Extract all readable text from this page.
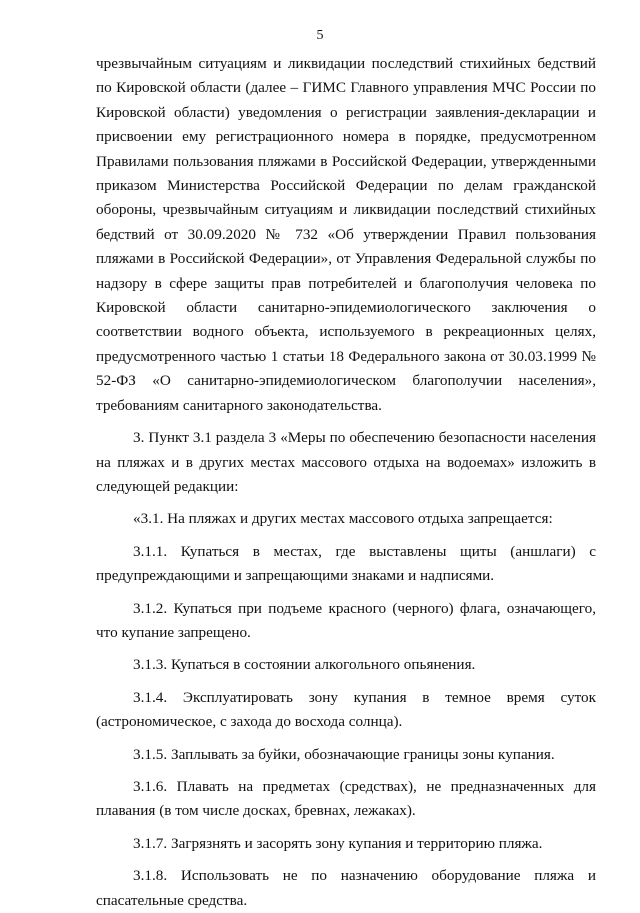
5

чрезвычайным ситуациям и ликвидации последствий стихийных бедствий по Кировской области (далее – ГИМС Главного управления МЧС России по Кировской области) уведомления о регистрации заявления-декларации и присвоении ему регистрационного номера в порядке, предусмотренном Правилами пользования пляжами в Российской Федерации, утвержденными приказом Министерства Российской Федерации по делам гражданской обороны, чрезвычайным ситуациям и ликвидации последствий стихийных бедствий от 30.09.2020 № 732 «Об утверждении Правил пользования пляжами в Российской Федерации», от Управления Федеральной службы по надзору в сфере защиты прав потребителей и благополучия человека по Кировской области санитарно-эпидемиологического заключения о соответствии водного объекта, используемого в рекреационных целях, предусмотренного частью 1 статьи 18 Федерального закона от 30.03.1999 № 52-ФЗ «О санитарно-эпидемиологическом благополучии населения», требованиям санитарного законодательства.

3. Пункт 3.1 раздела 3 «Меры по обеспечению безопасности населения на пляжах и в других местах массового отдыха на водоемах» изложить в следующей редакции:

«3.1. На пляжах и других местах массового отдыха запрещается:

3.1.1. Купаться в местах, где выставлены щиты (аншлаги) с предупреждающими и запрещающими знаками и надписями.

3.1.2. Купаться при подъеме красного (черного) флага, означающего, что купание запрещено.

3.1.3. Купаться в состоянии алкогольного опьянения.

3.1.4. Эксплуатировать зону купания в темное время суток (астрономическое, с захода до восхода солнца).

3.1.5. Заплывать за буйки, обозначающие границы зоны купания.

3.1.6. Плавать на предметах (средствах), не предназначенных для плавания (в том числе досках, бревнах, лежаках).

3.1.7. Загрязнять и засорять зону купания и территорию пляжа.

3.1.8. Использовать не по назначению оборудование пляжа и спасательные средства.
